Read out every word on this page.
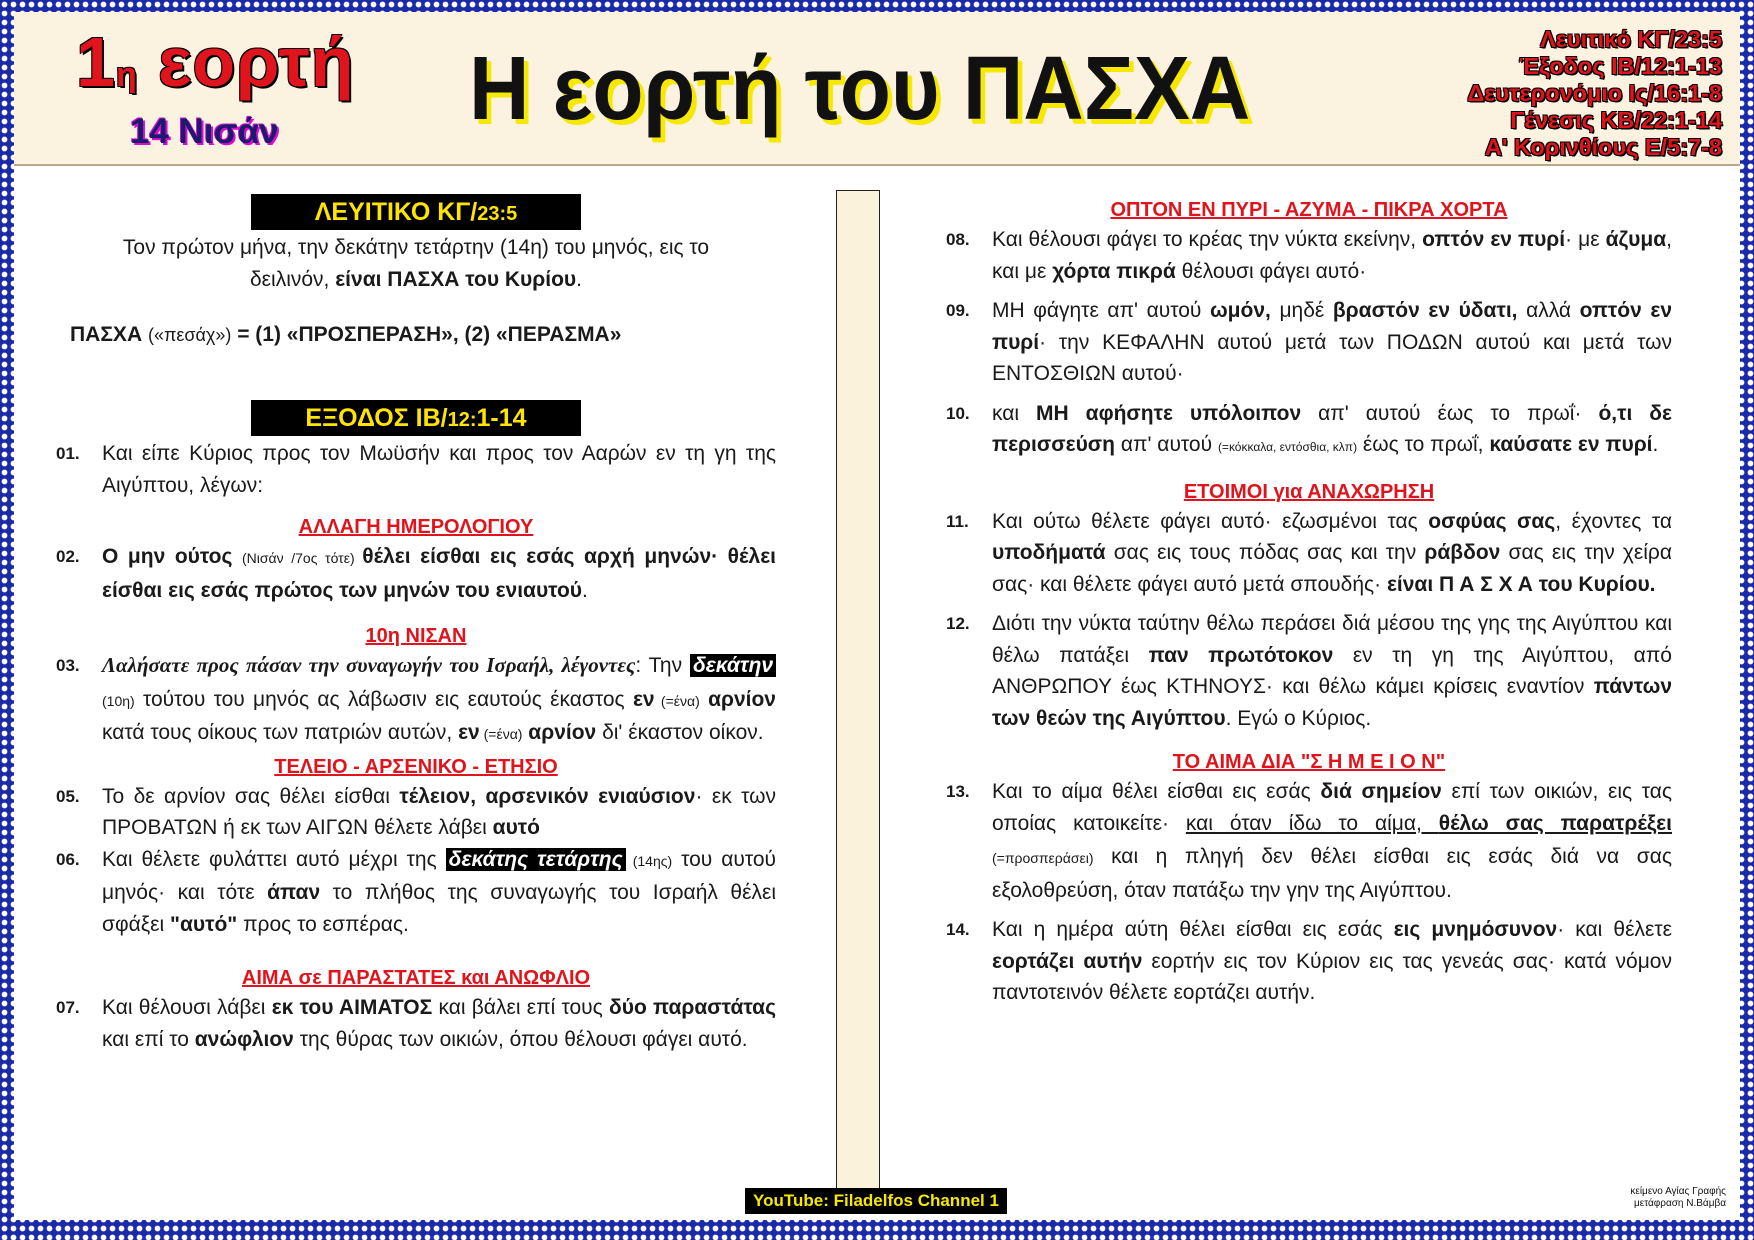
1η εορτή
14 Νισάν Η εορτή του ΠΑΣΧΑ	Λευιτικό ΚΓ/23:5
Έξοδος ΙΒ/12:1-13
Δευτερονόμιο Ις/16:1-8
Γένεσις ΚΒ/22:1-14
Α' Κορινθίους Ε/5:7-8
ΛΕΥΙΤΙΚΟ ΚΓ/23:5
Τον πρώτον μήνα, την δεκάτην τετάρτην (14η) του μηνός, εις το
δειλινόν, είναι ΠΑΣΧΑ του Κυρίου.
ΠΑΣΧΑ («πεσάχ») = (1) «ΠΡΟΣΠΕΡΑΣΗ», (2) «ΠΕΡΑΣΜΑ»
ΕΞΟΔΟΣ ΙΒ/12:1-14
01. Και είπε Κύριος προς τον Μωϋσήν και προς τον Ααρών εν τη γη της Αιγύπτου, λέγων:
ΑΛΛΑΓΗ ΗΜΕΡΟΛΟΓΙΟΥ
02. Ο μην ούτος (Νισάν /7ος τότε) θέλει είσθαι εις εσάς αρχή μηνών· θέλει είσθαι εις εσάς πρώτος των μηνών του ενιαυτού.
10η ΝΙΣΑΝ
03. Λαλήσατε προς πάσαν την συναγωγήν του Ισραήλ, λέγοντες: Την δεκάτην (10η) τούτου του μηνός ας λάβωσιν εις εαυτούς έκαστος εν (=ένα) αρνίον κατά τους οίκους των πατριών αυτών, εν (=ένα) αρνίον δι' έκαστον οίκον.
ΤΕΛΕΙΟ - ΑΡΣΕΝΙΚΟ - ΕΤΗΣΙΟ
05. Το δε αρνίον σας θέλει είσθαι τέλειον, αρσενικόν ενιαύσιον· εκ των ΠΡΟΒΑΤΩΝ ή εκ των ΑΙΓΩΝ θέλετε λάβει αυτό
06. Και θέλετε φυλάττει αυτό μέχρι της δεκάτης τετάρτης (14ης) του αυτού μηνός· και τότε άπαν το πλήθος της συναγωγής του Ισραήλ θέλει σφάξει "αυτό" προς το εσπέρας.
ΑΙΜΑ σε ΠΑΡΑΣΤΑΤΕΣ και ΑΝΩΦΛΙΟ
07. Και θέλουσι λάβει εκ του ΑΙΜΑΤΟΣ και βάλει επί τους δύο παραστάτας και επί το ανώφλιον της θύρας των οικιών, όπου θέλουσι φάγει αυτό.
ΟΠΤΟΝ ΕΝ ΠΥΡΙ - ΑΖΥΜΑ - ΠΙΚΡΑ ΧΟΡΤΑ
08. Και θέλουσι φάγει το κρέας την νύκτα εκείνην, οπτόν εν πυρί· με άζυμα, και με χόρτα πικρά θέλουσι φάγει αυτό·
09. ΜΗ φάγητε απ' αυτού ωμόν, μηδέ βραστόν εν ύδατι, αλλά οπτόν εν πυρί· την ΚΕΦΑΛΗΝ αυτού μετά των ΠΟΔΩΝ αυτού και μετά των ΕΝΤΟΣΘΙΩΝ αυτού·
10. και ΜΗ αφήσητε υπόλοιπον απ' αυτού έως το πρωΐ· ό,τι δε περισσεύση απ' αυτού (=κόκκαλα, εντόσθια, κλπ) έως το πρωΐ, καύσατε εν πυρί.
ΕΤΟΙΜΟΙ για ΑΝΑΧΩΡΗΣΗ
11. Και ούτω θέλετε φάγει αυτό· εζωσμένοι τας οσφύας σας, έχοντες τα υποδήματά σας εις τους πόδας σας και την ράβδον σας εις την χείρα σας· και θέλετε φάγει αυτό μετά σπουδής· είναι Π Α Σ Χ Α του Κυρίου.
12. Διότι την νύκτα ταύτην θέλω περάσει διά μέσου της γης της Αιγύπτου και θέλω πατάξει παν πρωτότοκον εν τη γη της Αιγύπτου, από ΑΝΘΡΩΠΟΥ έως ΚΤΗΝΟΥΣ· και θέλω κάμει κρίσεις εναντίον πάντων των θεών της Αιγύπτου. Εγώ ο Κύριος.
ΤΟ ΑΙΜΑ ΔΙΑ "Σ Η Μ Ε Ι Ο Ν"
13. Και το αίμα θέλει είσθαι εις εσάς διά σημείον επί των οικιών, εις τας οποίας κατοικείτε· και όταν ίδω το αίμα, θέλω σας παρατρέξει (=προσπεράσει) και η πληγή δεν θέλει είσθαι εις εσάς διά να σας εξολοθρεύση, όταν πατάξω την γην της Αιγύπτου.
14. Και η ημέρα αύτη θέλει είσθαι εις εσάς εις μνημόσυνον· και θέλετε εορτάζει αυτήν εορτήν εις τον Κύριον εις τας γενεάς σας· κατά νόμον παντοτεινόν θέλετε εορτάζει αυτήν.
YouTube: Filadelfos Channel 1	κείμενο Αγίας Γραφής
μετάφραση Ν.Βάμβα
